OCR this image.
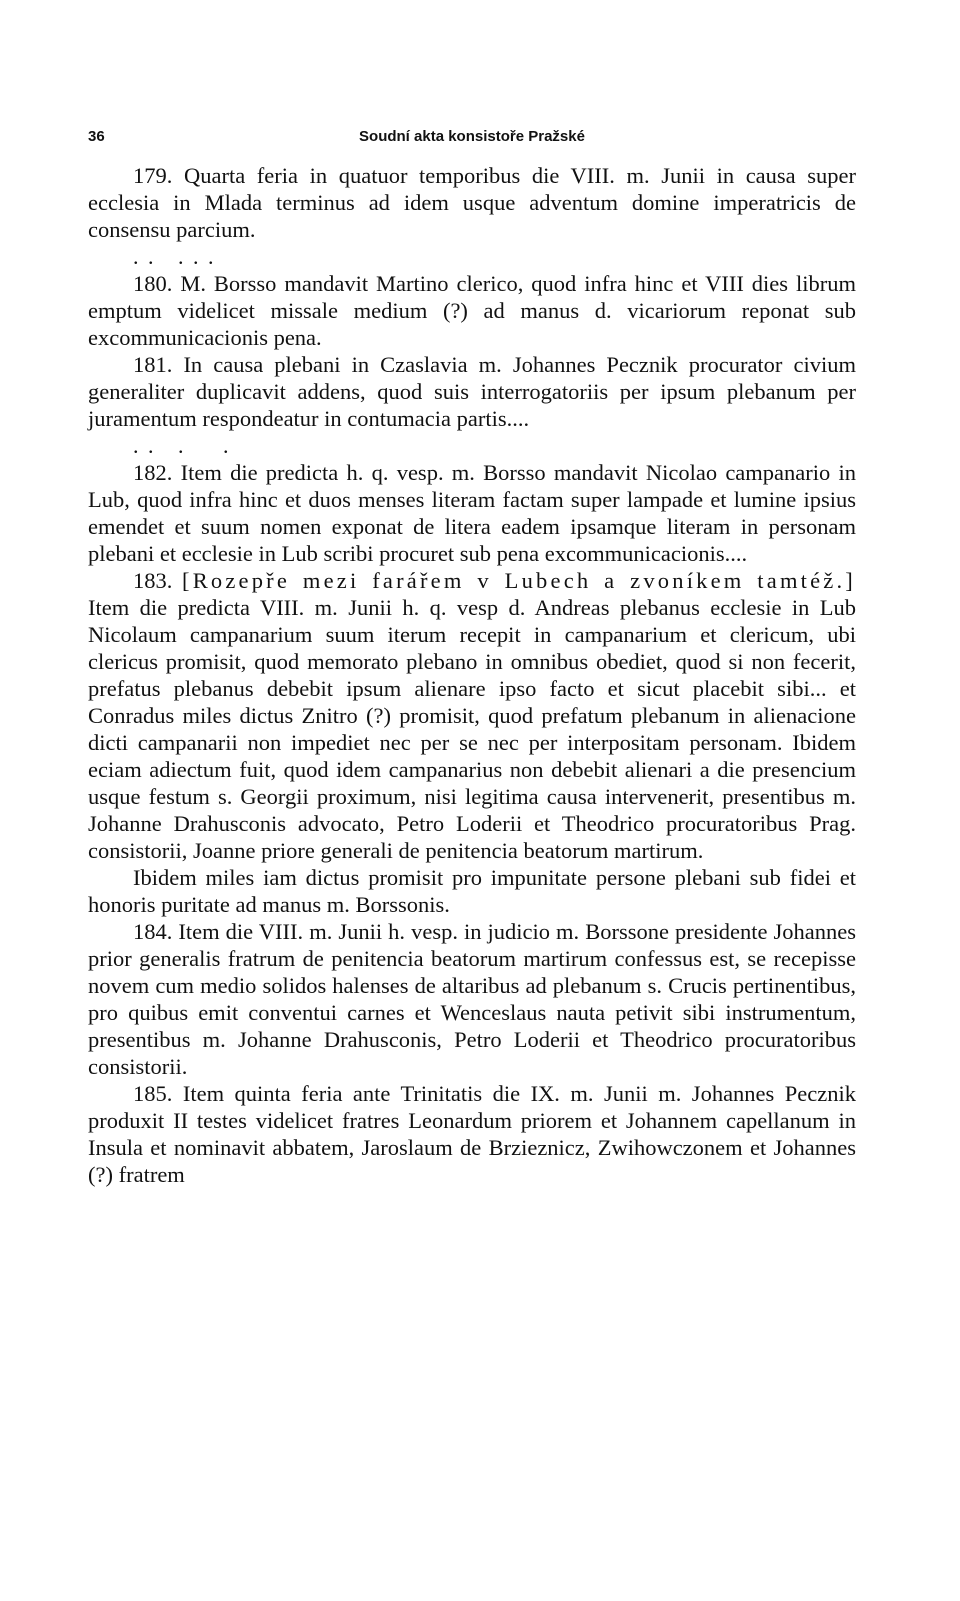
36	Soudní akta konsistoře Pražské

179. Quarta feria in quatuor temporibus die VIII. m. Junii in causa super ecclesia in Mlada terminus ad idem usque adventum domine imperatricis de consensu parcium.

. .   . . .

180. M. Borsso mandavit Martino clerico, quod infra hinc et VIII dies librum emptum videlicet missale medium (?) ad manus d. vicariorum reponat sub excommunicacionis pena.

181. In causa plebani in Czaslavia m. Johannes Pecznik procurator civium generaliter duplicavit addens, quod suis interrogatoriis per ipsum plebanum per juramentum respondeatur in contumacia partis....

. .   .     .

182. Item die predicta h. q. vesp. m. Borsso mandavit Nicolao campanario in Lub, quod infra hinc et duos menses literam factam super lampade et lumine ipsius emendet et suum nomen exponat de litera eadem ipsamque literam in personam plebani et ecclesie in Lub scribi procuret sub pena excommunicacionis....

183. [Rozepře mezi farářem v Lubech a zvoníkem tamtéž.] Item die predicta VIII. m. Junii h. q. vesp d. Andreas plebanus ecclesie in Lub Nicolaum campanarium suum iterum recepit in campanarium et clericum, ubi clericus promisit, quod memorato plebano in omnibus obediet, quod si non fecerit, prefatus plebanus debebit ipsum alienare ipso facto et sicut placebit sibi... et Conradus miles dictus Znitro (?) promisit, quod prefatum plebanum in alienacione dicti campanarii non impediet nec per se nec per interpositam personam. Ibidem eciam adiectum fuit, quod idem campanarius non debebit alienari a die presencium usque festum s. Georgii proximum, nisi legitima causa intervenerit, presentibus m. Johanne Drahusconis advocato, Petro Loderii et Theodrico procuratoribus Prag. consistorii, Joanne priore generali de penitencia beatorum martirum.

Ibidem miles iam dictus promisit pro impunitate persone plebani sub fidei et honoris puritate ad manus m. Borssonis.

184. Item die VIII. m. Junii h. vesp. in judicio m. Borssone presidente Johannes prior generalis fratrum de penitencia beatorum martirum confessus est, se recepisse novem cum medio solidos halenses de altaribus ad plebanum s. Crucis pertinentibus, pro quibus emit conventui carnes et Wenceslaus nauta petivit sibi instrumentum, presentibus m. Johanne Drahusconis, Petro Loderii et Theodrico procuratoribus consistorii.

185. Item quinta feria ante Trinitatis die IX. m. Junii m. Johannes Pecznik produxit II testes videlicet fratres Leonardum priorem et Johannem capellanum in Insula et nominavit abbatem, Jaroslaum de Brzieznicz, Zwihowczonem et Johannes (?) fratrem
